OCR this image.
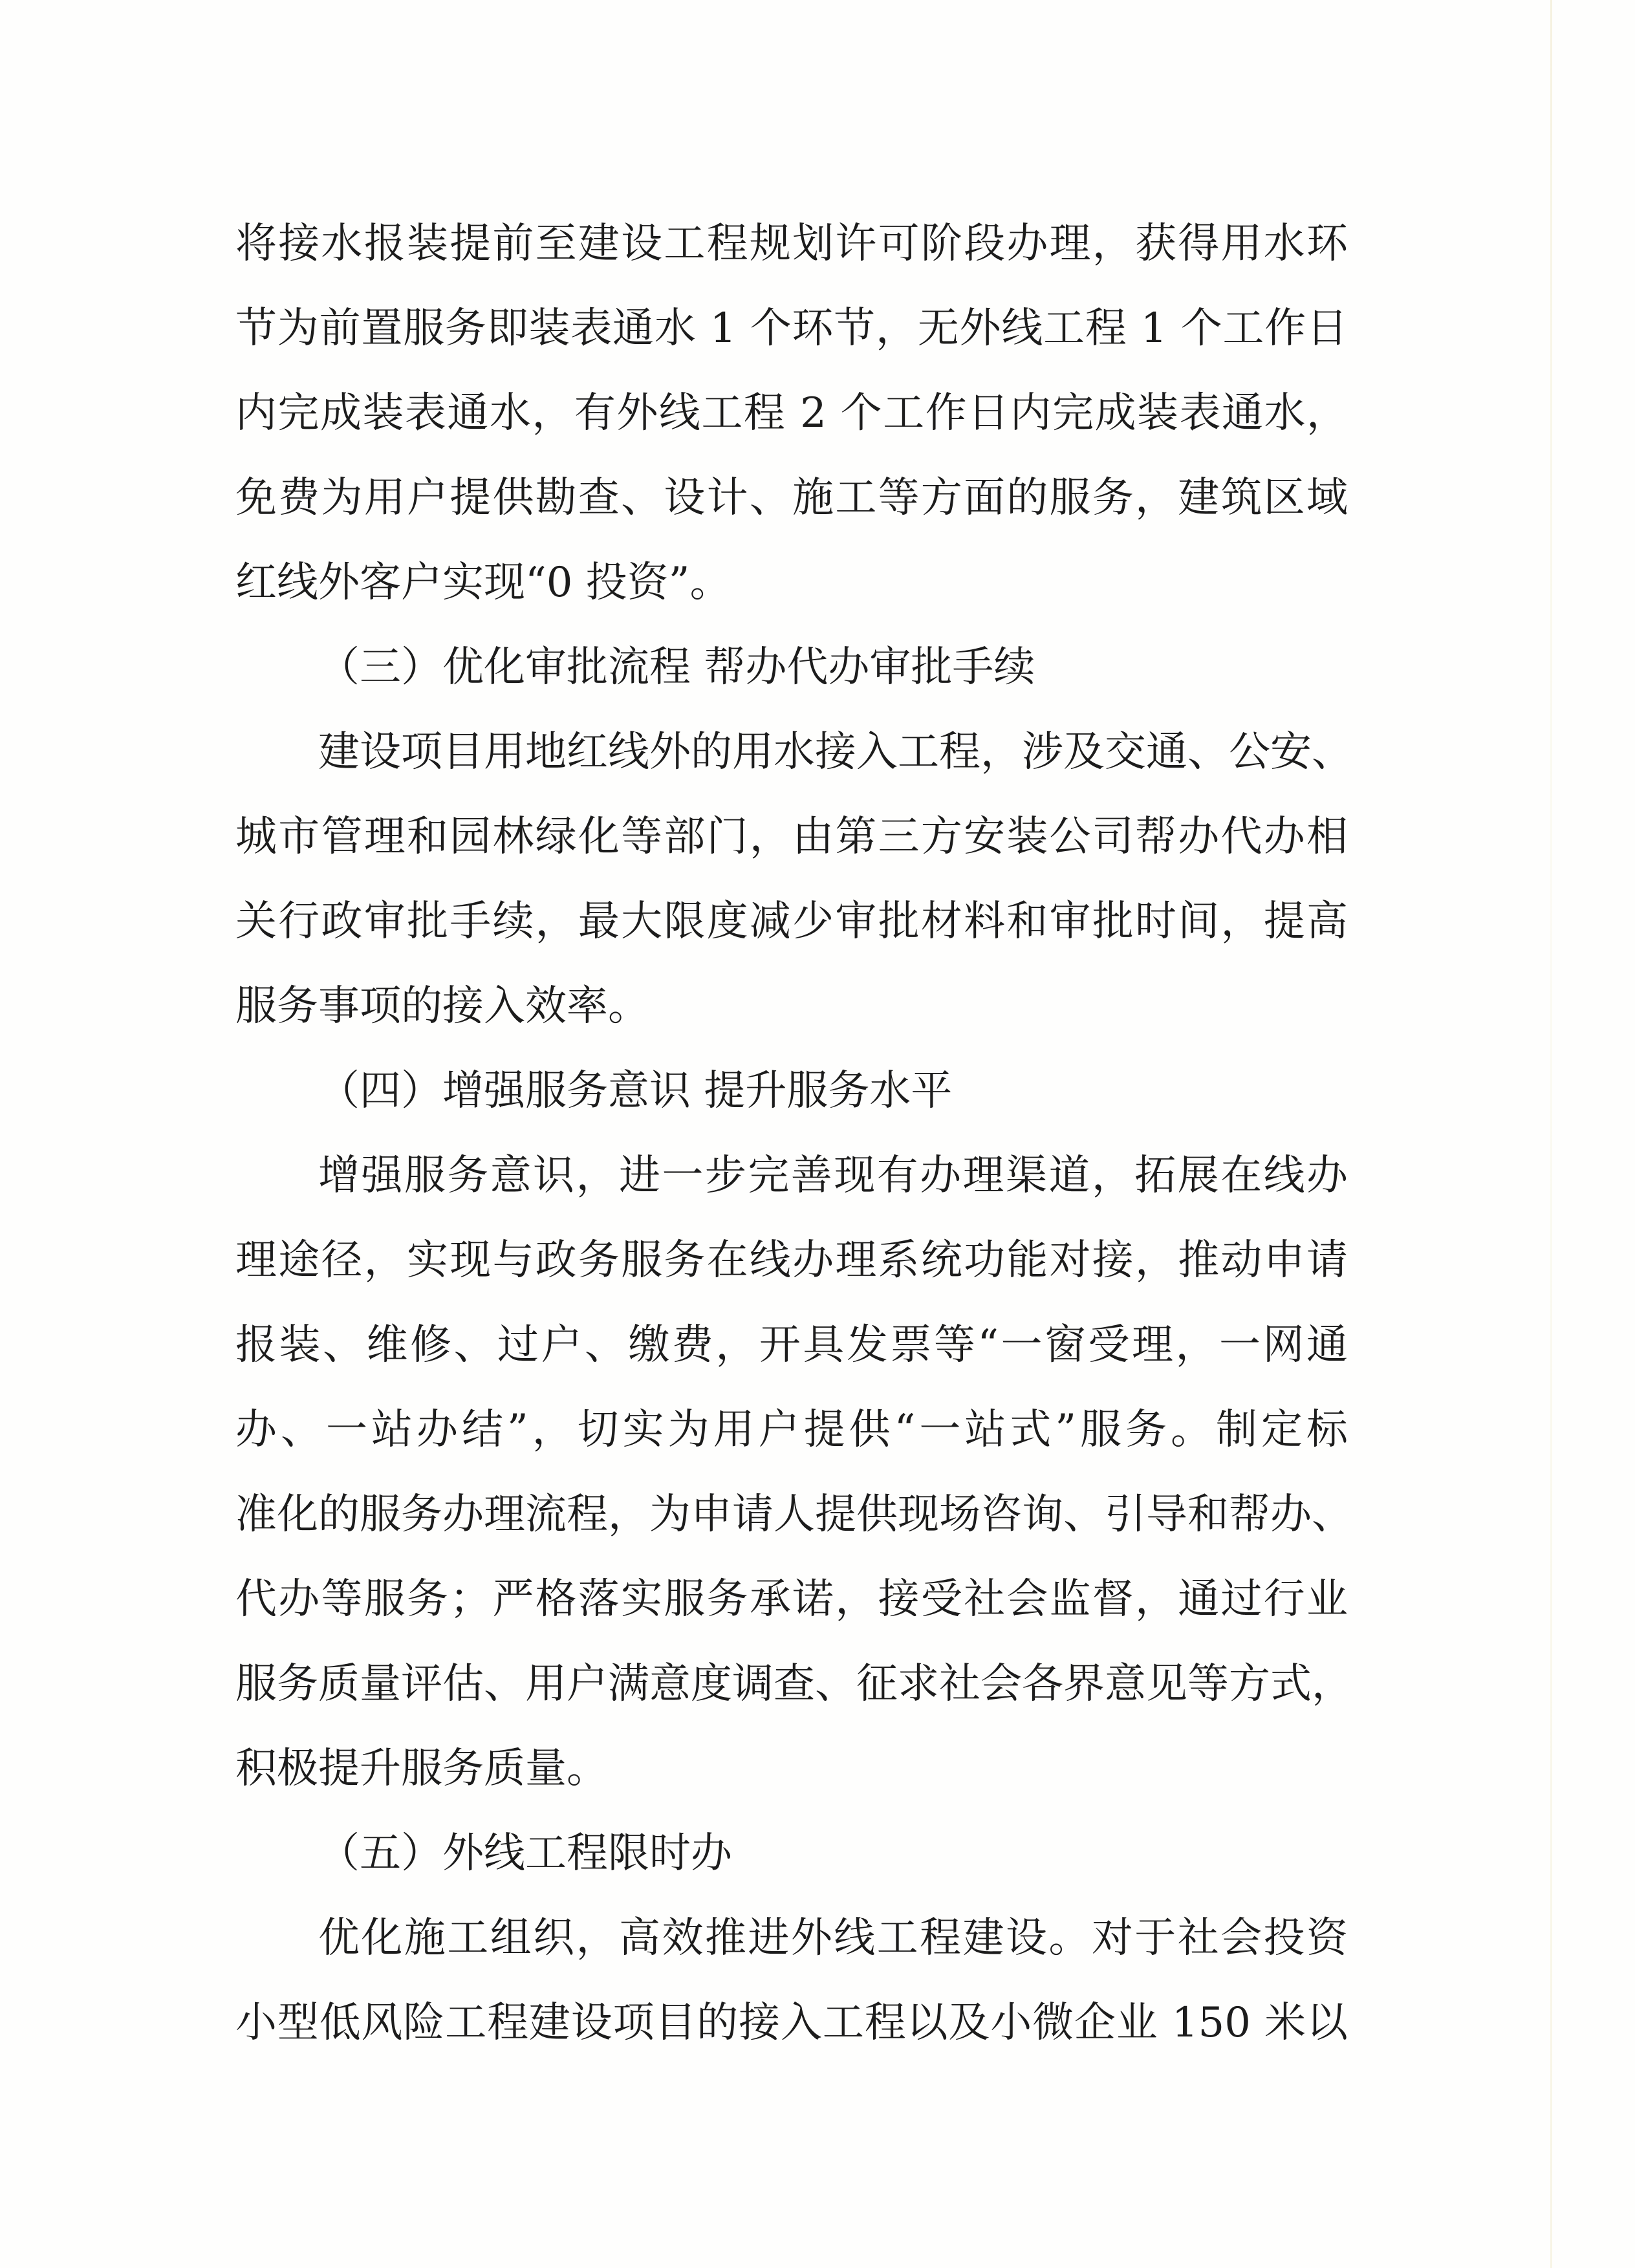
将接水报装提前至建设工程规划许可阶段办理，获得用水环
节为前置服务即装表通水 1 个环节，无外线工程 1 个工作日
内完成装表通水，有外线工程 2 个工作日内完成装表通水，
免费为用户提供勘查、设计、施工等方面的服务，建筑区域
红线外客户实现“0 投资”。
（三）优化审批流程 帮办代办审批手续
建设项目用地红线外的用水接入工程，涉及交通、公安、
城市管理和园林绿化等部门，由第三方安装公司帮办代办相
关行政审批手续，最大限度减少审批材料和审批时间，提高
服务事项的接入效率。
（四）增强服务意识 提升服务水平
增强服务意识，进一步完善现有办理渠道，拓展在线办
理途径，实现与政务服务在线办理系统功能对接，推动申请
报装、维修、过户、缴费，开具发票等“一窗受理，一网通
办、一站办结”，切实为用户提供“一站式”服务。制定标
准化的服务办理流程，为申请人提供现场咨询、引导和帮办、
代办等服务；严格落实服务承诺，接受社会监督，通过行业
服务质量评估、用户满意度调查、征求社会各界意见等方式，
积极提升服务质量。
（五）外线工程限时办
优化施工组织，高效推进外线工程建设。对于社会投资
小型低风险工程建设项目的接入工程以及小微企业 150 米以
